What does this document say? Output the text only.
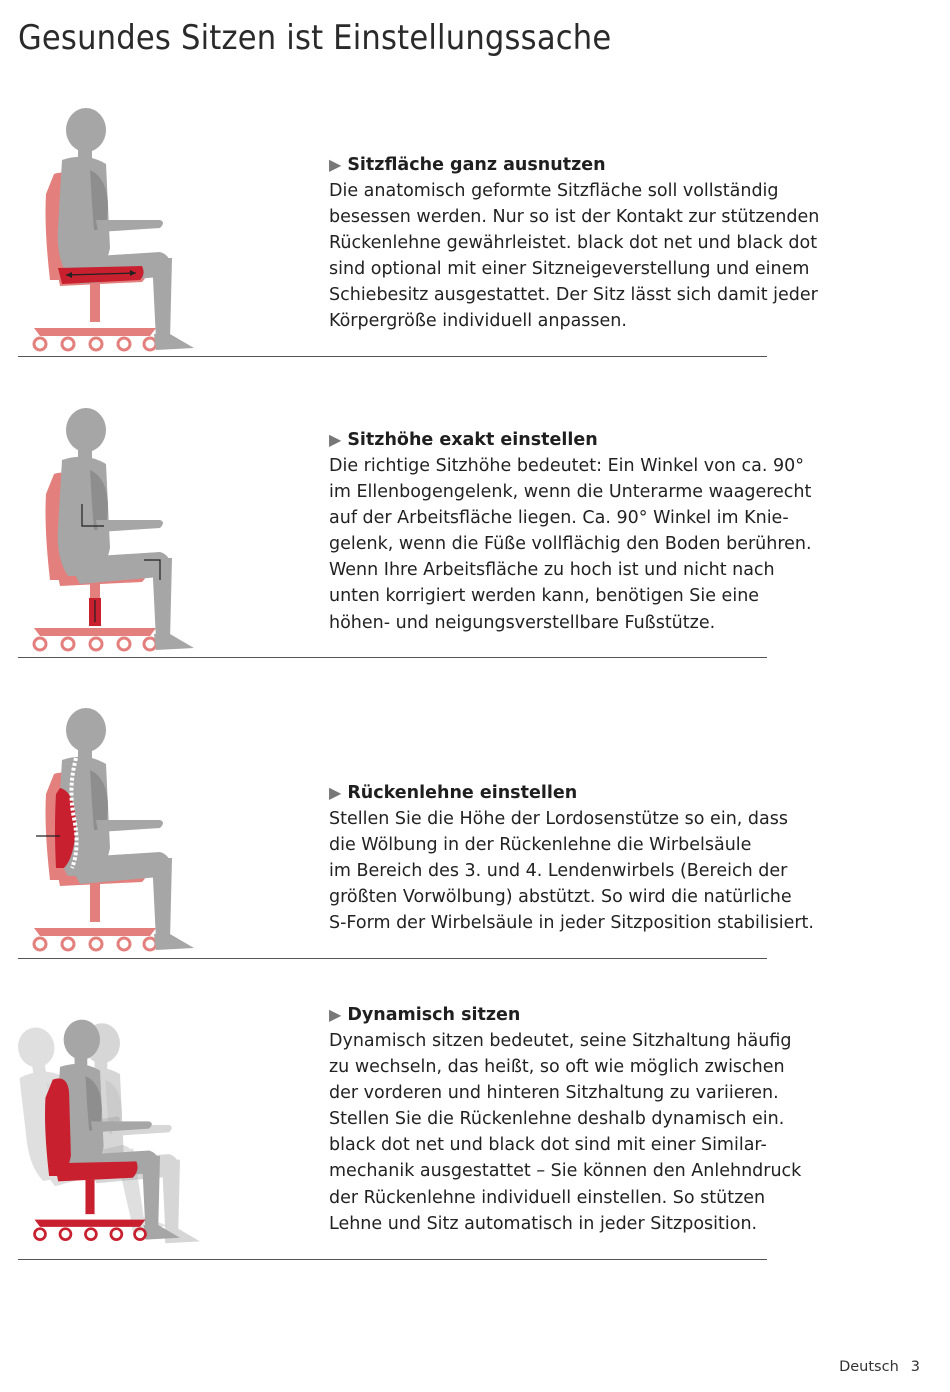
Gesundes Sitzen ist Einstellungssache
▶ Sitzfläche ganz ausnutzen
Die anatomisch geformte Sitzfläche soll vollständig
besessen werden. Nur so ist der Kontakt zur stützenden
Rückenlehne gewährleistet. black dot net und black dot
sind optional mit einer Sitzneigeverstellung und einem
Schiebesitz ausgestattet. Der Sitz lässt sich damit jeder
Körpergröße individuell anpassen.
▶ Sitzhöhe exakt einstellen
Die richtige Sitzhöhe bedeutet: Ein Winkel von ca. 90°
im Ellenbogengelenk, wenn die Unterarme waagerecht
auf der Arbeitsfläche liegen. Ca. 90° Winkel im Knie-
gelenk, wenn die Füße vollflächig den Boden berühren.
Wenn Ihre Arbeitsfläche zu hoch ist und nicht nach
unten korrigiert werden kann, benötigen Sie eine
höhen- und neigungsverstellbare Fußstütze.
▶ Rückenlehne einstellen
Stellen Sie die Höhe der Lordosenstütze so ein, dass
die Wölbung in der Rückenlehne die Wirbelsäule
im Bereich des 3. und 4. Lendenwirbels (Bereich der
größten Vorwölbung) abstützt. So wird die natürliche
S-Form der Wirbelsäule in jeder Sitzposition stabilisiert.
▶ Dynamisch sitzen
Dynamisch sitzen bedeutet, seine Sitzhaltung häufig
zu wechseln, das heißt, so oft wie möglich zwischen
der vorderen und hinteren Sitzhaltung zu variieren.
Stellen Sie die Rückenlehne deshalb dynamisch ein.
black dot net und black dot sind mit einer Similar-
mechanik ausgestattet – Sie können den Anlehndruck
der Rückenlehne individuell einstellen. So stützen
Lehne und Sitz automatisch in jeder Sitzposition.
Deutsch 3
